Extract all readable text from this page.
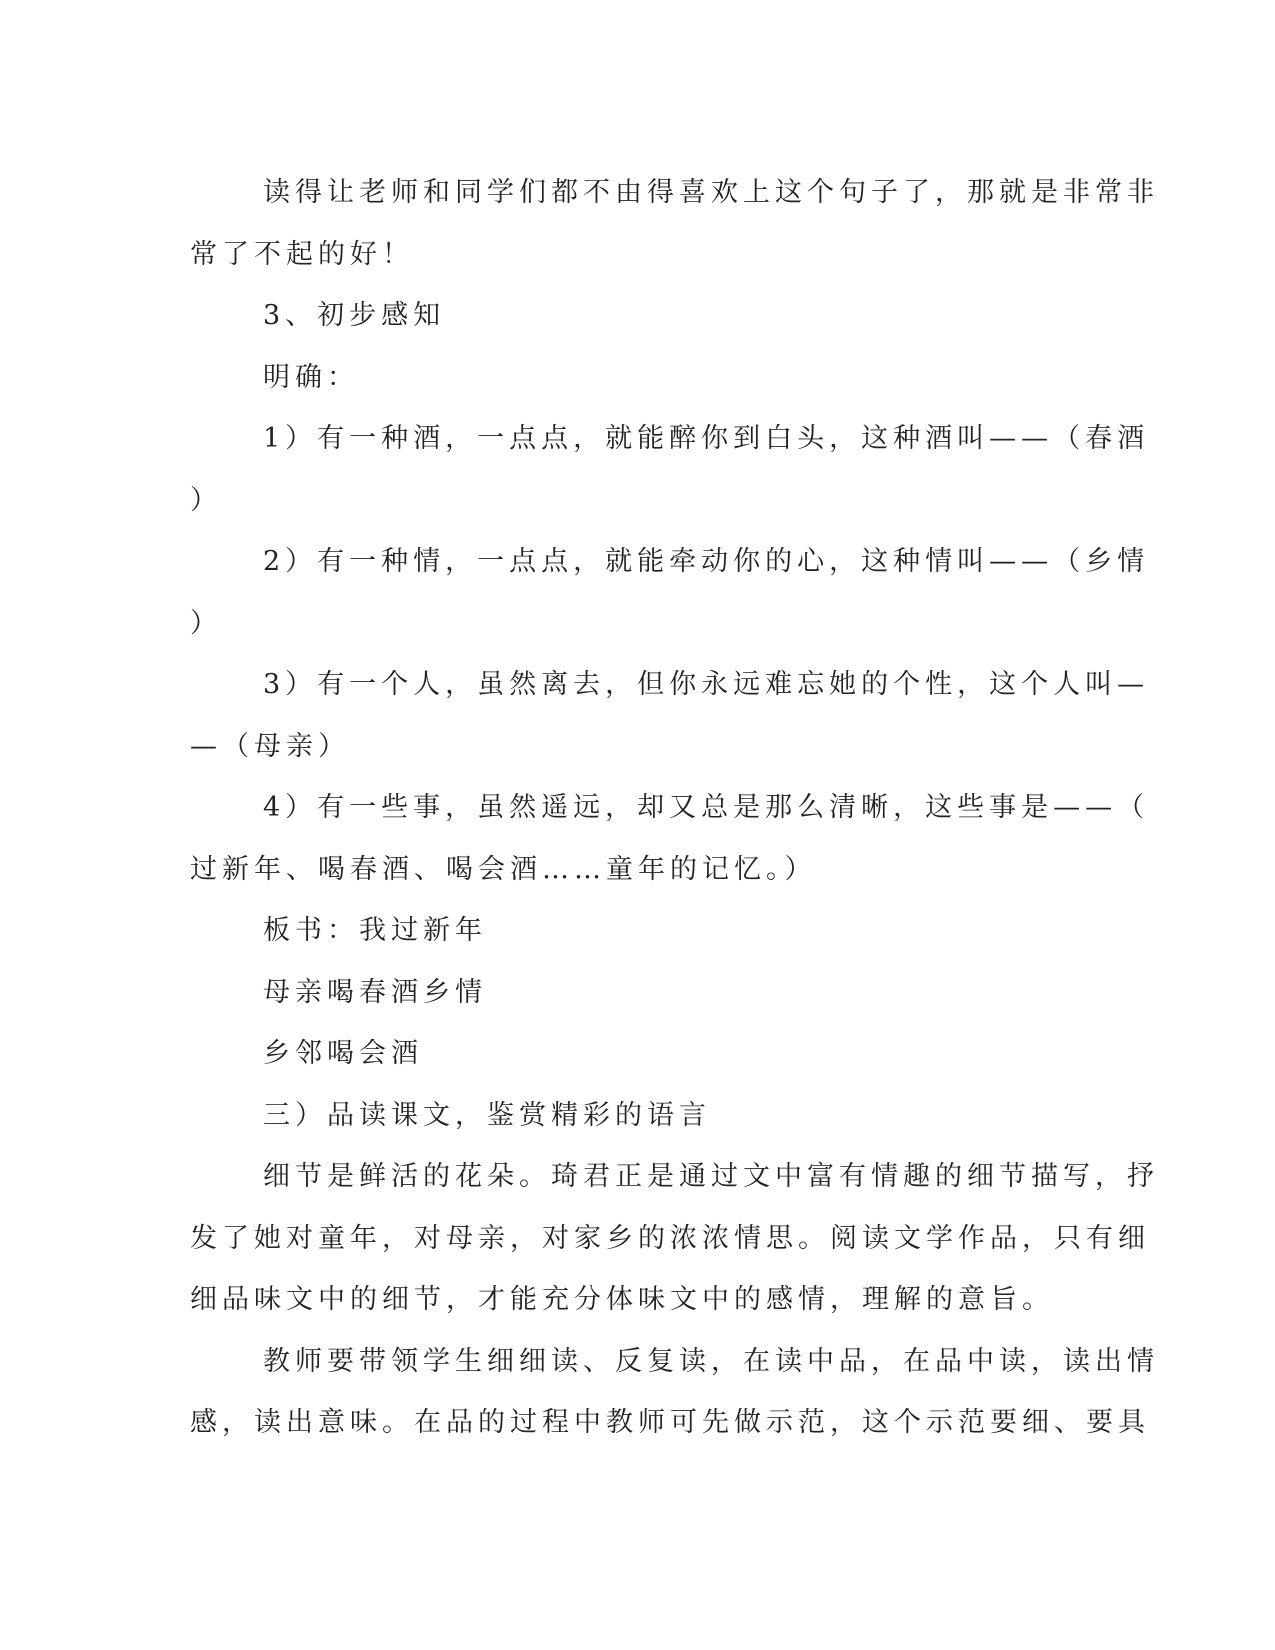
读得让老师和同学们都不由得喜欢上这个句子了，那就是非常非
常了不起的好！
3、初步感知
明确：
1）有一种酒，一点点，就能醉你到白头，这种酒叫——（春酒
）
2）有一种情，一点点，就能牵动你的心，这种情叫——（乡情
）
3）有一个人，虽然离去，但你永远难忘她的个性，这个人叫—
—（母亲）
4）有一些事，虽然遥远，却又总是那么清晰，这些事是——（
过新年、喝春酒、喝会酒……童年的记忆。）
板书：我过新年
母亲喝春酒乡情
乡邻喝会酒
三）品读课文，鉴赏精彩的语言
细节是鲜活的花朵。琦君正是通过文中富有情趣的细节描写，抒
发了她对童年，对母亲，对家乡的浓浓情思。阅读文学作品，只有细
细品味文中的细节，才能充分体味文中的感情，理解的意旨。
教师要带领学生细细读、反复读，在读中品，在品中读，读出情
感，读出意味。在品的过程中教师可先做示范，这个示范要细、要具
